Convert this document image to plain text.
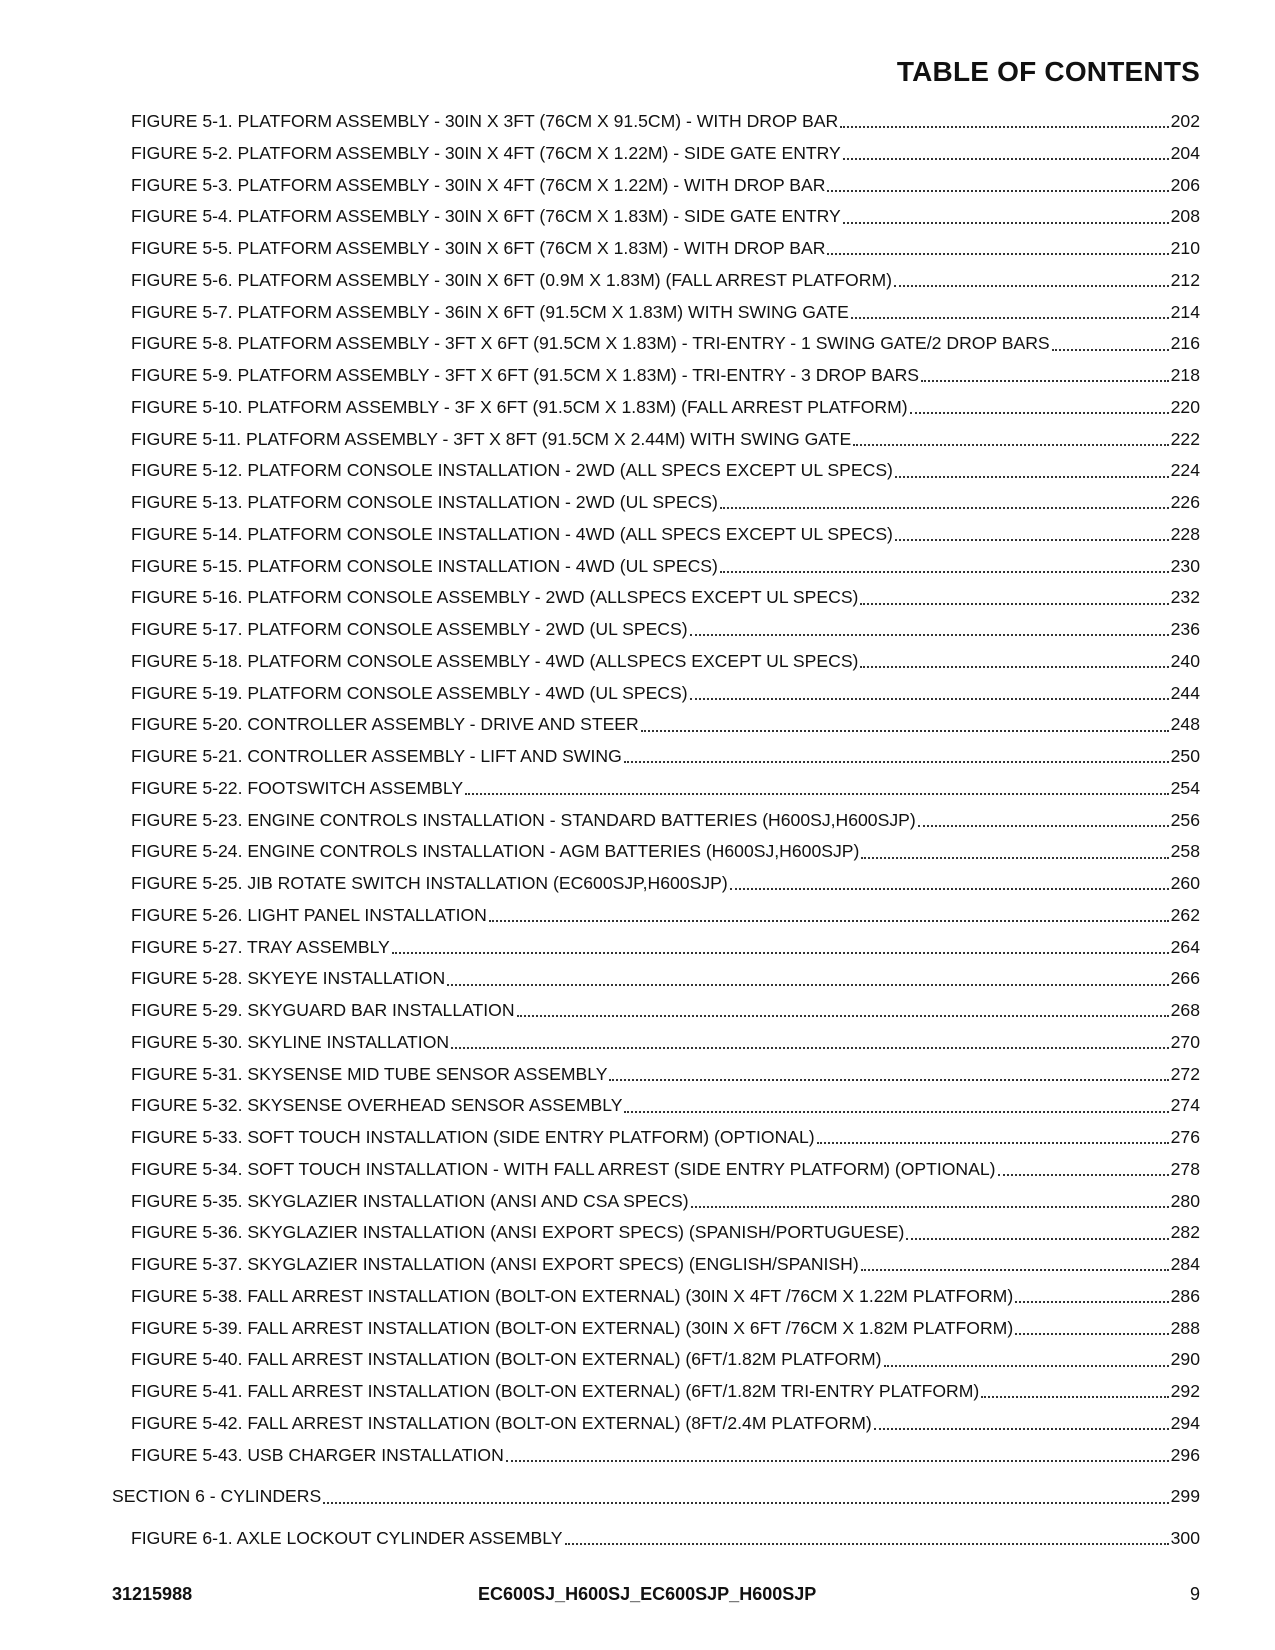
TABLE OF CONTENTS
FIGURE 5-1. PLATFORM ASSEMBLY - 30IN X 3FT (76CM X 91.5CM) - WITH DROP BAR	202
FIGURE 5-2. PLATFORM ASSEMBLY - 30IN X 4FT (76CM X 1.22M) - SIDE GATE ENTRY	204
FIGURE 5-3. PLATFORM ASSEMBLY - 30IN X 4FT (76CM X 1.22M) - WITH DROP BAR	206
FIGURE 5-4. PLATFORM ASSEMBLY - 30IN X 6FT (76CM X 1.83M) - SIDE GATE ENTRY	208
FIGURE 5-5. PLATFORM ASSEMBLY - 30IN X 6FT (76CM X 1.83M) - WITH DROP BAR	210
FIGURE 5-6. PLATFORM ASSEMBLY - 30IN X 6FT (0.9M X 1.83M) (FALL ARREST PLATFORM)	212
FIGURE 5-7. PLATFORM ASSEMBLY - 36IN X 6FT (91.5CM X 1.83M) WITH SWING GATE	214
FIGURE 5-8. PLATFORM ASSEMBLY - 3FT X 6FT (91.5CM X 1.83M) - TRI-ENTRY - 1 SWING GATE/2 DROP BARS	216
FIGURE 5-9. PLATFORM ASSEMBLY - 3FT X 6FT (91.5CM X 1.83M) - TRI-ENTRY - 3 DROP BARS	218
FIGURE 5-10. PLATFORM ASSEMBLY - 3F X 6FT (91.5CM X 1.83M) (FALL ARREST PLATFORM)	220
FIGURE 5-11. PLATFORM ASSEMBLY - 3FT X 8FT (91.5CM X 2.44M) WITH SWING GATE	222
FIGURE 5-12. PLATFORM CONSOLE INSTALLATION - 2WD (ALL SPECS EXCEPT UL SPECS)	224
FIGURE 5-13. PLATFORM CONSOLE INSTALLATION - 2WD (UL SPECS)	226
FIGURE 5-14. PLATFORM CONSOLE INSTALLATION - 4WD (ALL SPECS EXCEPT UL SPECS)	228
FIGURE 5-15. PLATFORM CONSOLE INSTALLATION - 4WD (UL SPECS)	230
FIGURE 5-16. PLATFORM CONSOLE ASSEMBLY - 2WD (ALLSPECS EXCEPT UL SPECS)	232
FIGURE 5-17. PLATFORM CONSOLE ASSEMBLY - 2WD (UL SPECS)	236
FIGURE 5-18. PLATFORM CONSOLE ASSEMBLY - 4WD (ALLSPECS EXCEPT UL SPECS)	240
FIGURE 5-19. PLATFORM CONSOLE ASSEMBLY - 4WD (UL SPECS)	244
FIGURE 5-20. CONTROLLER ASSEMBLY - DRIVE AND STEER	248
FIGURE 5-21. CONTROLLER ASSEMBLY - LIFT AND SWING	250
FIGURE 5-22. FOOTSWITCH ASSEMBLY	254
FIGURE 5-23. ENGINE CONTROLS INSTALLATION - STANDARD BATTERIES (H600SJ,H600SJP)	256
FIGURE 5-24. ENGINE CONTROLS INSTALLATION - AGM BATTERIES (H600SJ,H600SJP)	258
FIGURE 5-25. JIB ROTATE SWITCH INSTALLATION (EC600SJP,H600SJP)	260
FIGURE 5-26. LIGHT PANEL INSTALLATION	262
FIGURE 5-27. TRAY ASSEMBLY	264
FIGURE 5-28. SKYEYE INSTALLATION	266
FIGURE 5-29. SKYGUARD BAR INSTALLATION	268
FIGURE 5-30. SKYLINE INSTALLATION	270
FIGURE 5-31. SKYSENSE MID TUBE SENSOR ASSEMBLY	272
FIGURE 5-32. SKYSENSE OVERHEAD SENSOR ASSEMBLY	274
FIGURE 5-33. SOFT TOUCH INSTALLATION (SIDE ENTRY PLATFORM) (OPTIONAL)	276
FIGURE 5-34. SOFT TOUCH INSTALLATION - WITH FALL ARREST (SIDE ENTRY PLATFORM) (OPTIONAL)	278
FIGURE 5-35. SKYGLAZIER INSTALLATION (ANSI AND CSA SPECS)	280
FIGURE 5-36. SKYGLAZIER INSTALLATION (ANSI EXPORT SPECS) (SPANISH/PORTUGUESE)	282
FIGURE 5-37. SKYGLAZIER INSTALLATION (ANSI EXPORT SPECS) (ENGLISH/SPANISH)	284
FIGURE 5-38. FALL ARREST INSTALLATION (BOLT-ON EXTERNAL) (30IN X 4FT /76CM X 1.22M PLATFORM)	286
FIGURE 5-39. FALL ARREST INSTALLATION (BOLT-ON EXTERNAL) (30IN X 6FT /76CM X 1.82M PLATFORM)	288
FIGURE 5-40. FALL ARREST INSTALLATION (BOLT-ON EXTERNAL) (6FT/1.82M PLATFORM)	290
FIGURE 5-41. FALL ARREST INSTALLATION (BOLT-ON EXTERNAL) (6FT/1.82M TRI-ENTRY PLATFORM)	292
FIGURE 5-42. FALL ARREST INSTALLATION (BOLT-ON EXTERNAL) (8FT/2.4M PLATFORM)	294
FIGURE 5-43. USB CHARGER INSTALLATION	296
SECTION 6 - CYLINDERS	299
FIGURE 6-1. AXLE LOCKOUT CYLINDER ASSEMBLY	300
31215988	EC600SJ_H600SJ_EC600SJP_H600SJP	9
